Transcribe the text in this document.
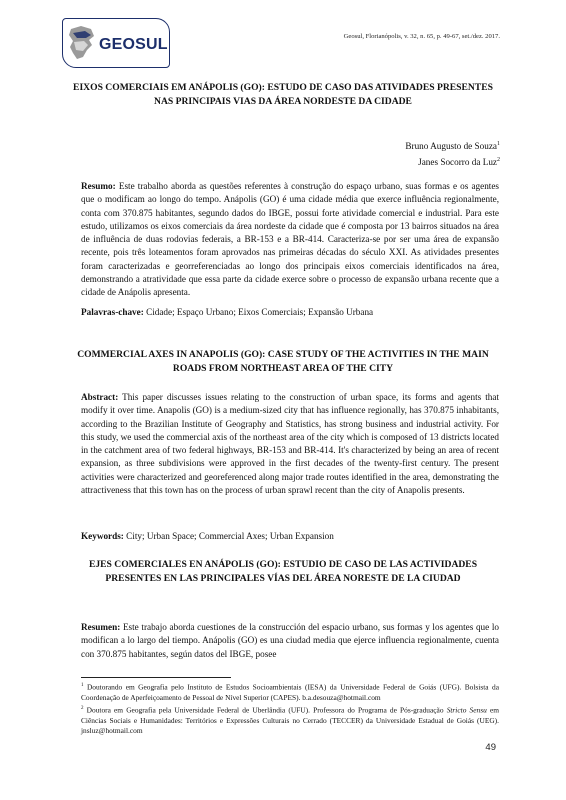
GEOSUL	Geosul, Florianópolis, v. 32, n. 65, p. 49-67, set./dez. 2017.
EIXOS COMERCIAIS EM ANÁPOLIS (GO): ESTUDO DE CASO DAS ATIVIDADES PRESENTES NAS PRINCIPAIS VIAS DA ÁREA NORDESTE DA CIDADE
Bruno Augusto de Souza$^1$
Janes Socorro da Luz$^2$

Resumo: Este trabalho aborda as questões referentes à construção do espaço urbano, suas formas e os agentes que o modificam ao longo do tempo. Anápolis (GO) é uma cidade média que exerce influência regionalmente, conta com 370.875 habitantes, segundo dados do IBGE, possui forte atividade comercial e industrial. Para este estudo, utilizamos os eixos comerciais da área nordeste da cidade que é composta por 13 bairros situados na área de influência de duas rodovias federais, a BR-153 e a BR-414. Caracteriza-se por ser uma área de expansão recente, pois três loteamentos foram aprovados nas primeiras décadas do século XXI. As atividades presentes foram caracterizadas e georreferenciadas ao longo dos principais eixos comerciais identificados na área, demonstrando a atratividade que essa parte da cidade exerce sobre o processo de expansão urbana recente que a cidade de Anápolis apresenta.

Palavras-chave: Cidade; Espaço Urbano; Eixos Comerciais; Expansão Urbana

COMMERCIAL AXES IN ANAPOLIS (GO): CASE STUDY OF THE ACTIVITIES IN THE MAIN ROADS FROM NORTHEAST AREA OF THE CITY

Abstract: This paper discusses issues relating to the construction of urban space, its forms and agents that modify it over time. Anapolis (GO) is a medium-sized city that has influence regionally, has 370.875 inhabitants, according to the Brazilian Institute of Geography and Statistics, has strong business and industrial activity. For this study, we used the commercial axis of the northeast area of the city which is composed of 13 districts located in the catchment area of two federal highways, BR-153 and BR-414. It's characterized by being an area of recent expansion, as three subdivisions were approved in the first decades of the twenty-first century. The present activities were characterized and georeferenced along major trade routes identified in the area, demonstrating the attractiveness that this town has on the process of urban sprawl recent than the city of Anapolis presents.

Keywords: City; Urban Space; Commercial Axes; Urban Expansion

EJES COMERCIALES EN ANÁPOLIS (GO): ESTUDIO DE CASO DE LAS ACTIVIDADES PRESENTES EN LAS PRINCIPALES VÍAS DEL ÁREA NORESTE DE LA CIUDAD

Resumen: Este trabajo aborda cuestiones de la construcción del espacio urbano, sus formas y los agentes que lo modifican a lo largo del tiempo. Anápolis (GO) es una ciudad media que ejerce influencia regionalmente, cuenta con 370.875 habitantes, según datos del IBGE, posee

$^1$ Doutorando em Geografia pelo Instituto de Estudos Socioambientais (IESA) da Universidade Federal de Goiás (UFG). Bolsista da Coordenação de Aperfeiçoamento de Pessoal de Nível Superior (CAPES). b.a.desouza@hotmail.com

$^2$ Doutora em Geografia pela Universidade Federal de Uberlândia (UFU). Professora do Programa de Pós-graduação Stricto Sensu em Ciências Sociais e Humanidades: Territórios e Expressões Culturais no Cerrado (TECCER) da Universidade Estadual de Goiás (UEG). jnsluz@hotmail.com

49
